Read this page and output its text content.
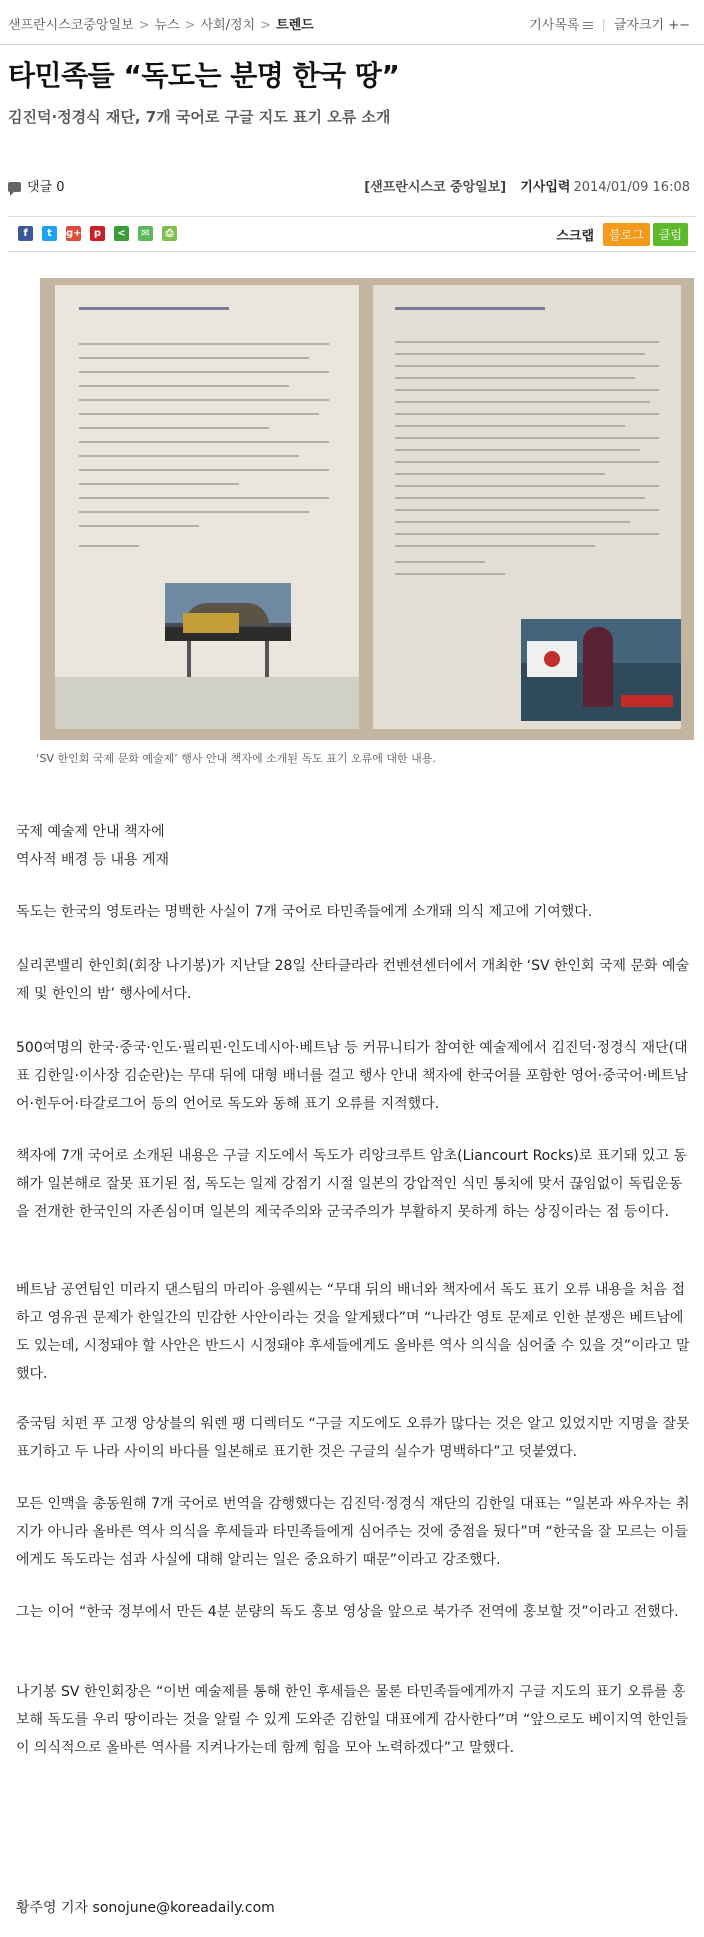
샌프란시스코중앙일보 > 뉴스 > 사회/정치 > 트렌드	기사목록 | 글자크기 +−
타민족들 “독도는 분명 한국 땅”
김진덕·정경식 재단, 7개 국어로 구글 지도 표기 오류 소개
댓글 0	[샌프란시스코 중앙일보] 기사입력 2014/01/09 16:08
f t g+ p < ✉ ⎙	스크랩 블로그 클럽
‘SV 한인회 국제 문화 예술제’ 행사 안내 책자에 소개된 독도 표기 오류에 대한 내용.

국제 예술제 안내 책자에

역사적 배경 등 내용 게재

독도는 한국의 영토라는 명백한 사실이 7개 국어로 타민족들에게 소개돼 의식 제고에 기여했다.

실리콘밸리 한인회(회장 나기봉)가 지난달 28일 산타클라라 컨벤션센터에서 개최한 ‘SV 한인회 국제 문화 예술제 및 한인의 밤’ 행사에서다.

500여명의 한국·중국·인도·필리핀·인도네시아·베트남 등 커뮤니티가 참여한 예술제에서 김진덕·정경식 재단(대표 김한일·이사장 김순란)는 무대 뒤에 대형 배너를 걸고 행사 안내 책자에 한국어를 포함한 영어·중국어·베트남어·힌두어·타갈로그어 등의 언어로 독도와 동해 표기 오류를 지적했다.

책자에 7개 국어로 소개된 내용은 구글 지도에서 독도가 리앙크루트 암초(Liancourt Rocks)로 표기돼 있고 동해가 일본해로 잘못 표기된 점, 독도는 일제 강점기 시절 일본의 강압적인 식민 통치에 맞서 끊임없이 독립운동을 전개한 한국인의 자존심이며 일본의 제국주의와 군국주의가 부활하지 못하게 하는 상징이라는 점 등이다.

베트남 공연팀인 미라지 댄스팀의 마리아 응웬씨는 “무대 뒤의 배너와 책자에서 독도 표기 오류 내용을 처음 접하고 영유권 문제가 한일간의 민감한 사안이라는 것을 알게됐다”며 “나라간 영토 문제로 인한 분쟁은 베트남에도 있는데, 시정돼야 할 사안은 반드시 시정돼야 후세들에게도 올바른 역사 의식을 심어줄 수 있을 것”이라고 말했다.

중국팀 치펀 푸 고쟁 앙상블의 워렌 팽 디렉터도 “구글 지도에도 오류가 많다는 것은 알고 있었지만 지명을 잘못 표기하고 두 나라 사이의 바다를 일본해로 표기한 것은 구글의 실수가 명백하다”고 덧붙였다.

모든 인맥을 총동원해 7개 국어로 번역을 감행했다는 김진덕·정경식 재단의 김한일 대표는 “일본과 싸우자는 취지가 아니라 올바른 역사 의식을 후세들과 타민족들에게 심어주는 것에 중점을 뒀다”며 “한국을 잘 모르는 이들에게도 독도라는 섬과 사실에 대해 알리는 일은 중요하기 때문”이라고 강조했다.

그는 이어 “한국 정부에서 만든 4분 분량의 독도 홍보 영상을 앞으로 북가주 전역에 홍보할 것”이라고 전했다.

나기봉 SV 한인회장은 “이번 예술제를 통해 한인 후세들은 물론 타민족들에게까지 구글 지도의 표기 오류를 홍보해 독도를 우리 땅이라는 것을 알릴 수 있게 도와준 김한일 대표에게 감사한다”며 “앞으로도 베이지역 한인들이 의식적으로 올바른 역사를 지켜나가는데 함께 힘을 모아 노력하겠다”고 말했다.

황주영 기자 sonojune@koreadaily.com
